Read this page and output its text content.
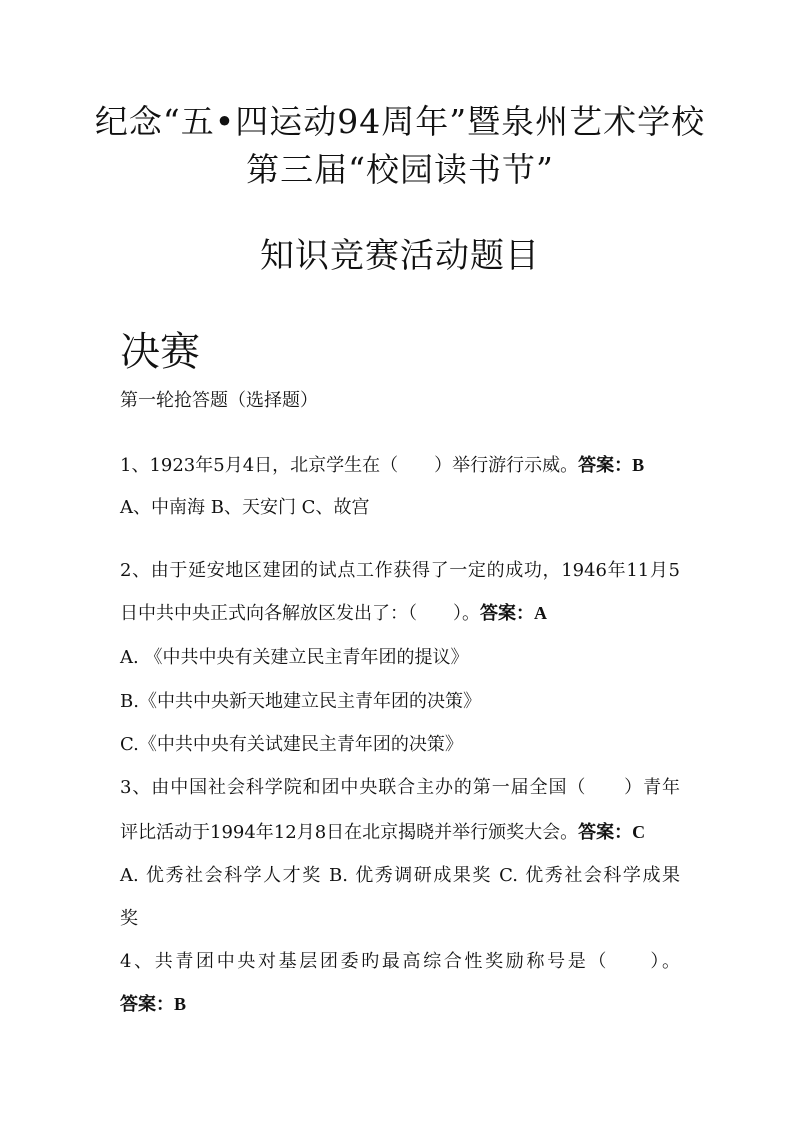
纪念“五•四运动94周年”暨泉州艺术学校
第三届“校园读书节”
知识竞赛活动题目
决赛
第一轮抢答题（选择题）
1、1923年5月4日，北京学生在（　　）举行游行示威。答案：B
A、中南海 B、天安门 C、故宫
2、由于延安地区建团的试点工作获得了一定的成功，1946年11月5
日中共中央正式向各解放区发出了：（　　）。答案：A
A. 《中共中央有关建立民主青年团的提议》
B.《中共中央新天地建立民主青年团的决策》
C.《中共中央有关试建民主青年团的决策》
3、由中国社会科学院和团中央联合主办的第一届全国（　　）青年
评比活动于1994年12月8日在北京揭晓并举行颁奖大会。答案：C
A. 优秀社会科学人才奖 B. 优秀调研成果奖 C. 优秀社会科学成果
奖
4、共青团中央对基层团委旳最高综合性奖励称号是（　　）。
答案：B
